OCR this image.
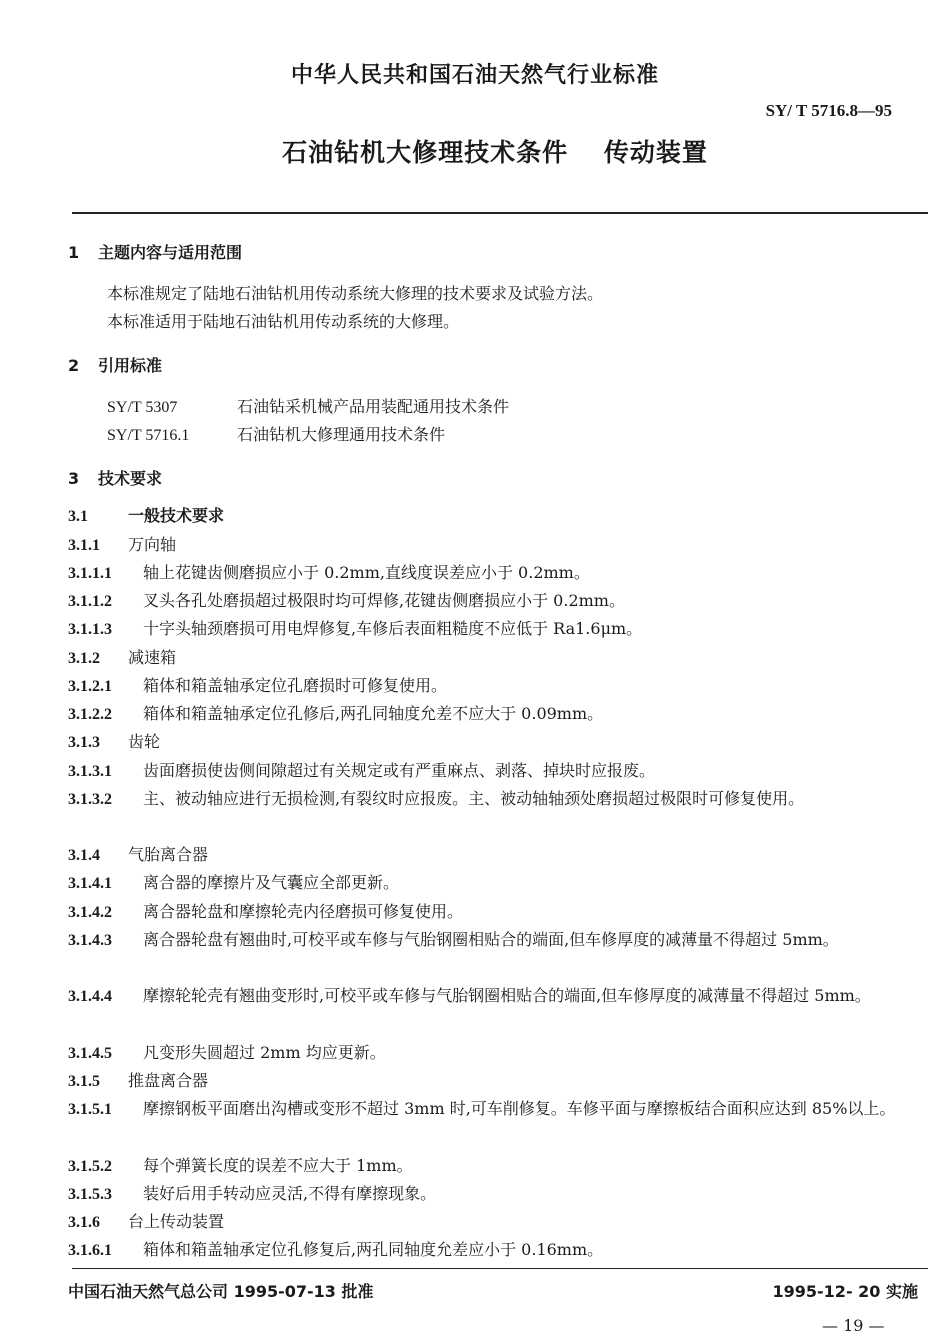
中华人民共和国石油天然气行业标准
SY/ T 5716.8—95
石油钻机大修理技术条件 传动装置
1 主题内容与适用范围
本标准规定了陆地石油钻机用传动系统大修理的技术要求及试验方法。
本标准适用于陆地石油钻机用传动系统的大修理。
2 引用标准
SY/T 5307	石油钻采机械产品用装配通用技术条件
SY/T 5716.1	石油钻机大修理通用技术条件
3 技术要求
3.1	一般技术要求
3.1.1 万向轴
3.1.1.1 轴上花键齿侧磨损应小于 0.2mm,直线度误差应小于 0.2mm。
3.1.1.2 叉头各孔处磨损超过极限时均可焊修,花键齿侧磨损应小于 0.2mm。
3.1.1.3 十字头轴颈磨损可用电焊修复,车修后表面粗糙度不应低于 Ra1.6μm。
3.1.2 减速箱
3.1.2.1 箱体和箱盖轴承定位孔磨损时可修复使用。
3.1.2.2 箱体和箱盖轴承定位孔修后,两孔同轴度允差不应大于 0.09mm。
3.1.3 齿轮
3.1.3.1 齿面磨损使齿侧间隙超过有关规定或有严重麻点、剥落、掉块时应报废。
3.1.3.2 主、被动轴应进行无损检测,有裂纹时应报废。主、被动轴轴颈处磨损超过极限时可修复使用。
3.1.4 气胎离合器
3.1.4.1 离合器的摩擦片及气囊应全部更新。
3.1.4.2 离合器轮盘和摩擦轮壳内径磨损可修复使用。
3.1.4.3 离合器轮盘有翘曲时,可校平或车修与气胎钢圈相贴合的端面,但车修厚度的减薄量不得超过 5mm。
3.1.4.4 摩擦轮轮壳有翘曲变形时,可校平或车修与气胎钢圈相贴合的端面,但车修厚度的减薄量不得超过 5mm。
3.1.4.5 凡变形失圆超过 2mm 均应更新。
3.1.5 推盘离合器
3.1.5.1 摩擦钢板平面磨出沟槽或变形不超过 3mm 时,可车削修复。车修平面与摩擦板结合面积应达到 85%以上。
3.1.5.2 每个弹簧长度的误差不应大于 1mm。
3.1.5.3 装好后用手转动应灵活,不得有摩擦现象。
3.1.6 台上传动装置
3.1.6.1 箱体和箱盖轴承定位孔修复后,两孔同轴度允差应小于 0.16mm。
中国石油天然气总公司 1995-07-13 批准	1995-12- 20 实施
— 19 —
